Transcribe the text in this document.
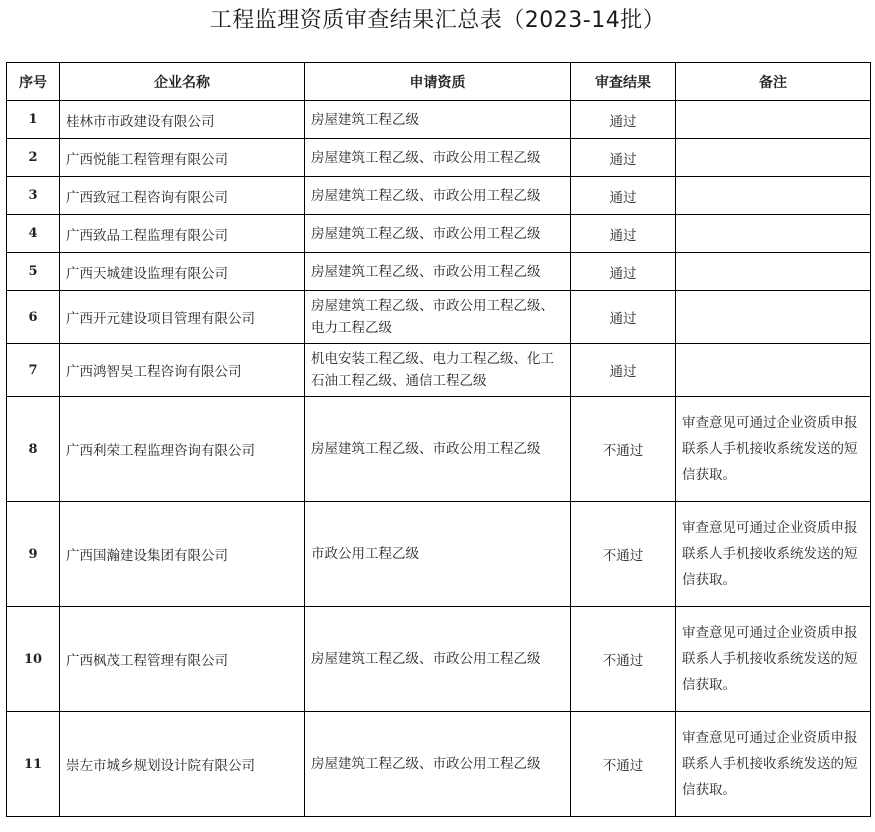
工程监理资质审查结果汇总表（2023-14批）
序号	企业名称	申请资质	审查结果	备注
1	桂林市市政建设有限公司	房屋建筑工程乙级	通过	
2	广西悦能工程管理有限公司	房屋建筑工程乙级、市政公用工程乙级	通过	
3	广西致冠工程咨询有限公司	房屋建筑工程乙级、市政公用工程乙级	通过	
4	广西致品工程监理有限公司	房屋建筑工程乙级、市政公用工程乙级	通过	
5	广西天城建设监理有限公司	房屋建筑工程乙级、市政公用工程乙级	通过	
6	广西开元建设项目管理有限公司	房屋建筑工程乙级、市政公用工程乙级、电力工程乙级	通过	
7	广西鸿智昊工程咨询有限公司	机电安装工程乙级、电力工程乙级、化工石油工程乙级、通信工程乙级	通过	
8	广西利荣工程监理咨询有限公司	房屋建筑工程乙级、市政公用工程乙级	不通过	审查意见可通过企业资质申报联系人手机接收系统发送的短信获取。
9	广西国瀚建设集团有限公司	市政公用工程乙级	不通过	审查意见可通过企业资质申报联系人手机接收系统发送的短信获取。
10	广西枫茂工程管理有限公司	房屋建筑工程乙级、市政公用工程乙级	不通过	审查意见可通过企业资质申报联系人手机接收系统发送的短信获取。
11	崇左市城乡规划设计院有限公司	房屋建筑工程乙级、市政公用工程乙级	不通过	审查意见可通过企业资质申报联系人手机接收系统发送的短信获取。
